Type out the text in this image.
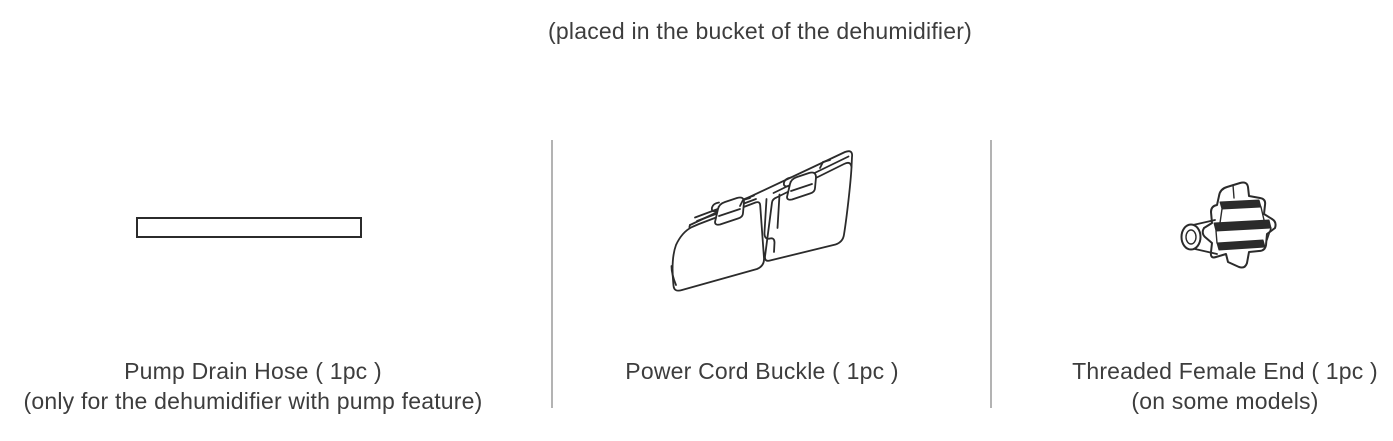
(placed in the bucket of the dehumidifier)
Pump Drain Hose ( 1pc )
(only for the dehumidifier with pump feature)
Power Cord Buckle ( 1pc )	Threaded Female End ( 1pc )
(on some models)
